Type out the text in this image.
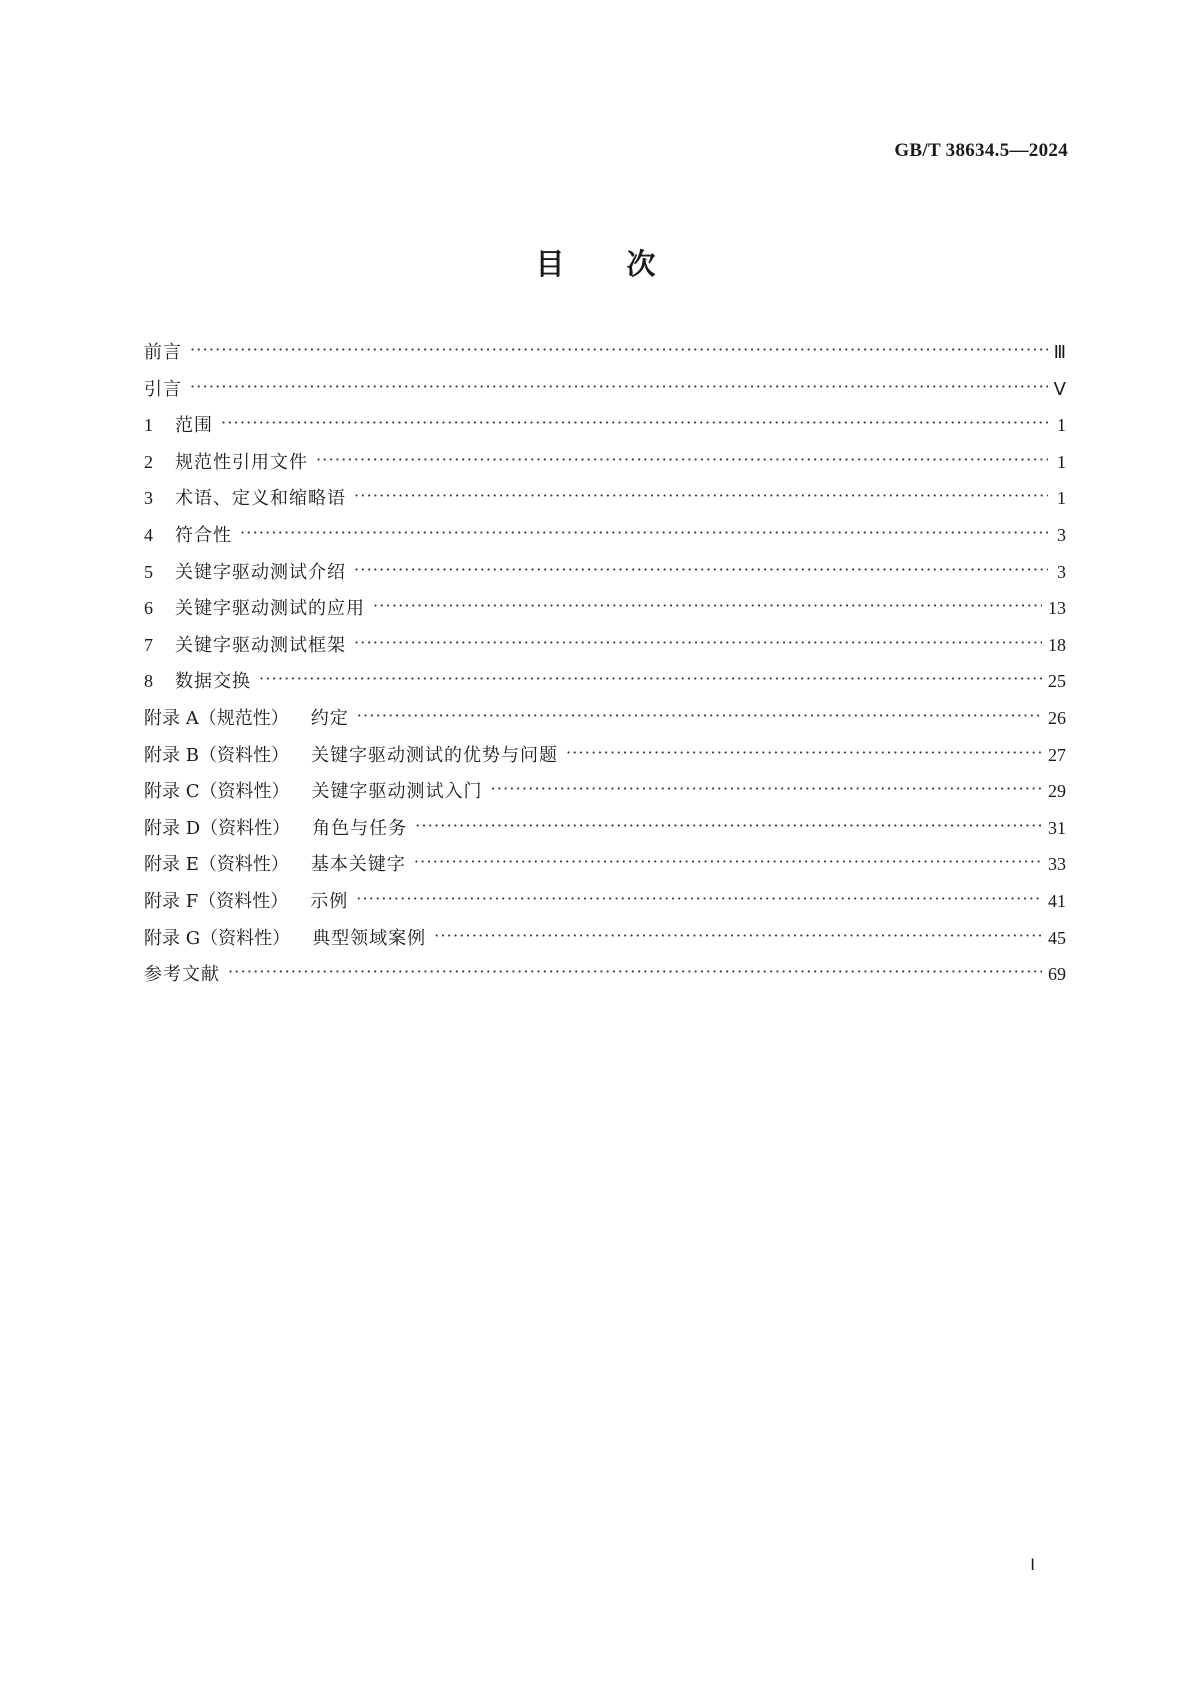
GB/T 38634.5—2024
目次
前言 ·····	Ⅲ
引言 ·····	Ⅴ
1	范围 ·····	1
2	规范性引用文件 ·····	1
3	术语、定义和缩略语 ·····	1
4	符合性 ·····	3
5	关键字驱动测试介绍 ·····	3
6	关键字驱动测试的应用 ·····	13
7	关键字驱动测试框架 ·····	18
8	数据交换 ·····	25
附录 A（规范性） 约定 ·····	26
附录 B（资料性） 关键字驱动测试的优势与问题 ·····	27
附录 C（资料性） 关键字驱动测试入门 ·····	29
附录 D（资料性） 角色与任务 ·····	31
附录 E（资料性） 基本关键字 ·····	33
附录 F（资料性） 示例 ·····	41
附录 G（资料性） 典型领域案例 ·····	45
参考文献 ·····	69
Ⅰ
